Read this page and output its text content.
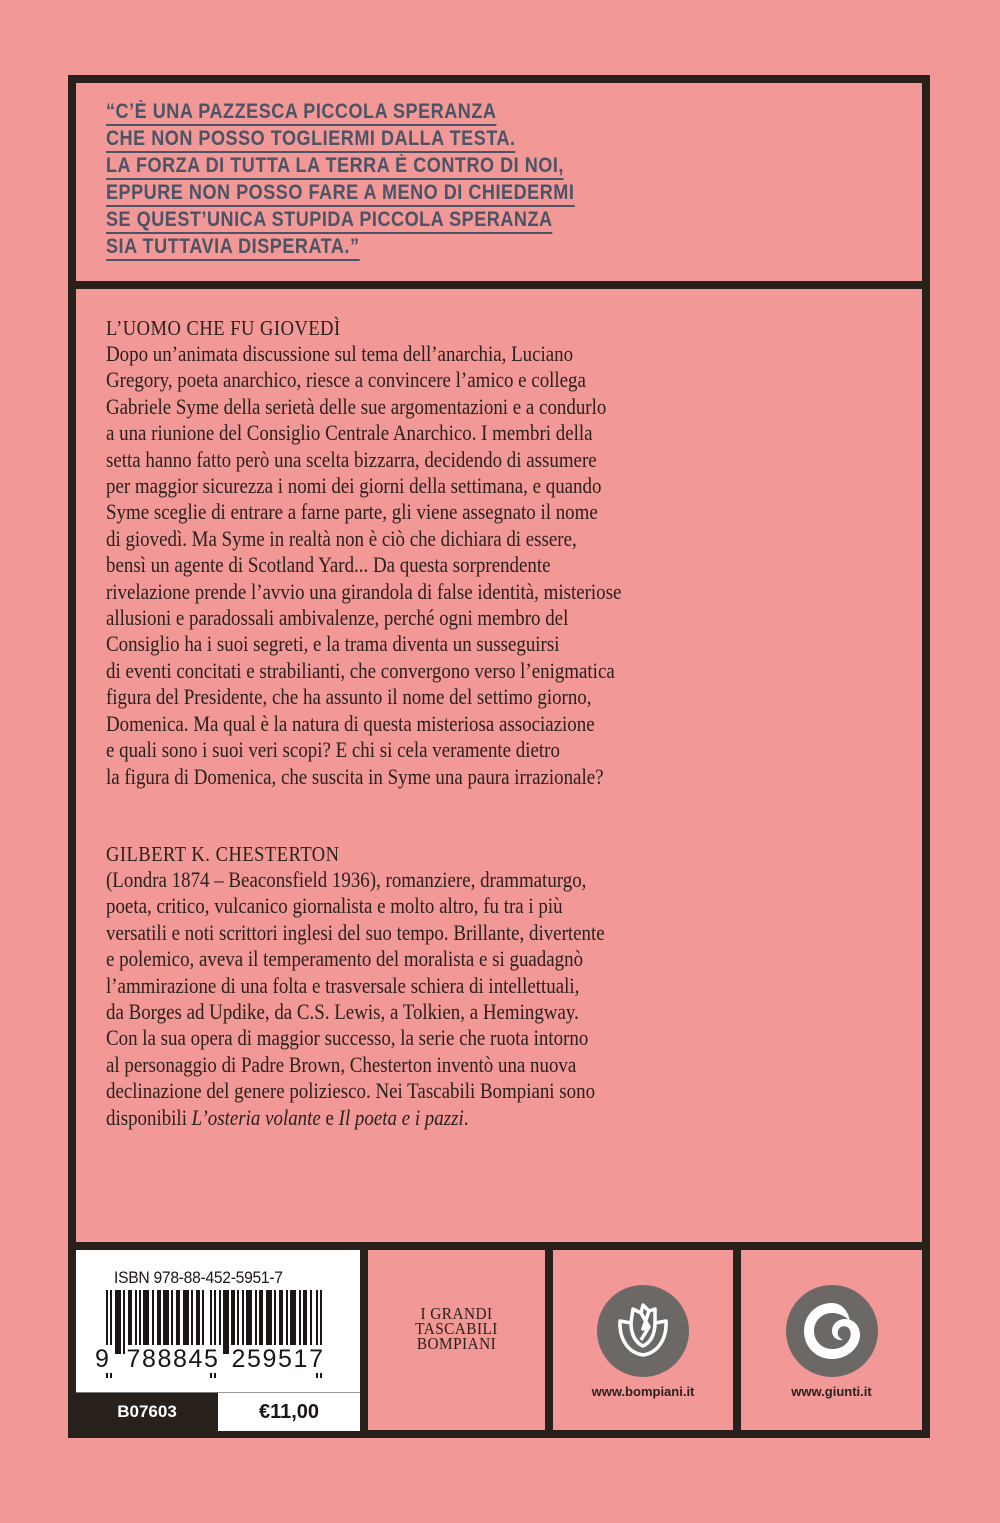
“C’È UNA PAZZESCA PICCOLA SPERANZA
CHE NON POSSO TOGLIERMI DALLA TESTA.
LA FORZA DI TUTTA LA TERRA È CONTRO DI NOI,
EPPURE NON POSSO FARE A MENO DI CHIEDERMI
SE QUEST’UNICA STUPIDA PICCOLA SPERANZA
SIA TUTTAVIA DISPERATA.”
L’UOMO CHE FU GIOVEDÌ
Dopo un’animata discussione sul tema dell’anarchia, Luciano
Gregory, poeta anarchico, riesce a convincere l’amico e collega
Gabriele Syme della serietà delle sue argomentazioni e a condurlo
a una riunione del Consiglio Centrale Anarchico. I membri della
setta hanno fatto però una scelta bizzarra, decidendo di assumere
per maggior sicurezza i nomi dei giorni della settimana, e quando
Syme sceglie di entrare a farne parte, gli viene assegnato il nome
di giovedì. Ma Syme in realtà non è ciò che dichiara di essere,
bensì un agente di Scotland Yard... Da questa sorprendente
rivelazione prende l’avvio una girandola di false identità, misteriose
allusioni e paradossali ambivalenze, perché ogni membro del
Consiglio ha i suoi segreti, e la trama diventa un susseguirsi
di eventi concitati e strabilianti, che convergono verso l’enigmatica
figura del Presidente, che ha assunto il nome del settimo giorno,
Domenica. Ma qual è la natura di questa misteriosa associazione
e quali sono i suoi veri scopi? E chi si cela veramente dietro
la figura di Domenica, che suscita in Syme una paura irrazionale?
GILBERT K. CHESTERTON
(Londra 1874 – Beaconsfield 1936), romanziere, drammaturgo,
poeta, critico, vulcanico giornalista e molto altro, fu tra i più
versatili e noti scrittori inglesi del suo tempo. Brillante, divertente
e polemico, aveva il temperamento del moralista e si guadagnò
l’ammirazione di una folta e trasversale schiera di intellettuali,
da Borges ad Updike, da C.S. Lewis, a Tolkien, a Hemingway.
Con la sua opera di maggior successo, la serie che ruota intorno
al personaggio di Padre Brown, Chesterton inventò una nuova
declinazione del genere poliziesco. Nei Tascabili Bompiani sono
disponibili L’osteria volante e Il poeta e i pazzi.
ISBN 978-88-452-5951-7
9 788845 259517
B07603	€11,00
I GRANDI
TASCABILI
BOMPIANI
www.bompiani.it	www.giunti.it
